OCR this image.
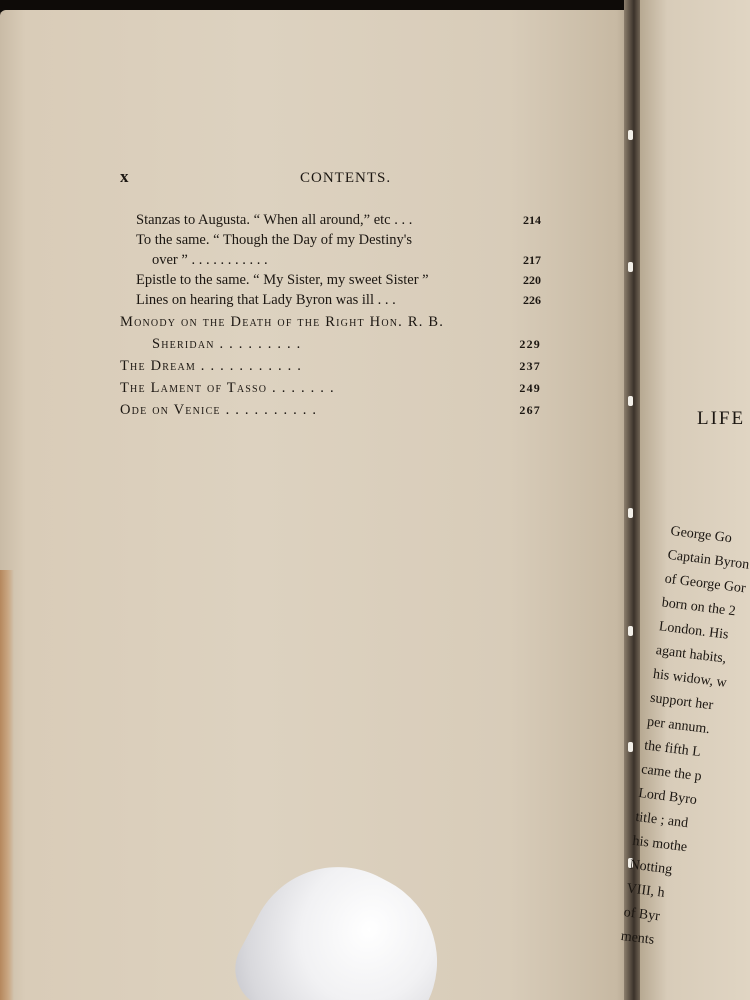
x	CONTENTS.
Stanzas to Augusta. “ When all around,” etc . . .	214
To the same. “ Though the Day of my Destiny's
over ” . . . . . . . . . . .	217
Epistle to the same. “ My Sister, my sweet Sister ”	220
Lines on hearing that Lady Byron was ill . . .	226
Monody on the Death of the Right Hon. R. B.
Sheridan . . . . . . . . .	229
The Dream . . . . . . . . . . .	237
The Lament of Tasso . . . . . . .	249
Ode on Venice . . . . . . . . . .	267	LIFE
George Go
Captain Byron
of George Gor
born on the 2
London. His
agant habits,
his widow, w
support her
per annum.
the fifth L
came the p
Lord Byro
title ; and
his mothe
Notting
VIII, h
of Byr
ments
